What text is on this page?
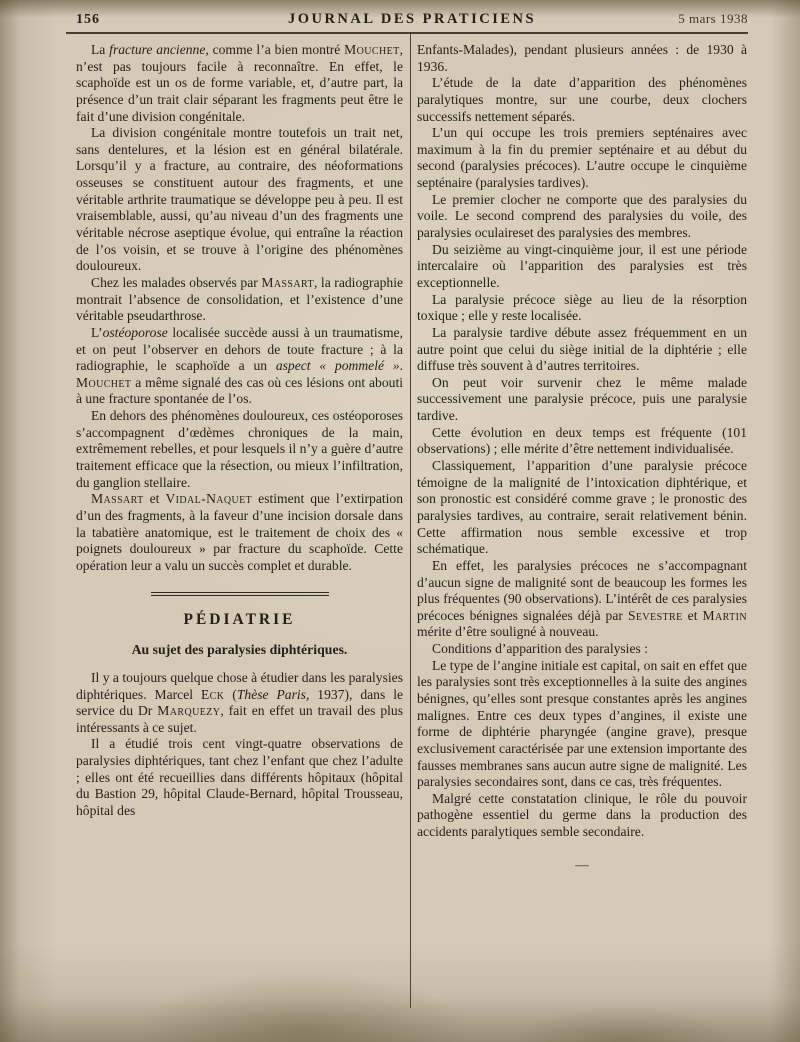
156	JOURNAL DES PRATICIENS	5 mars 1938

La fracture ancienne, comme l’a bien montré Mouchet, n’est pas toujours facile à reconnaître. En effet, le scaphoïde est un os de forme variable, et, d’autre part, la présence d’un trait clair séparant les fragments peut être le fait d’une division congénitale.

La division congénitale montre toutefois un trait net, sans dentelures, et la lésion est en général bilatérale. Lorsqu’il y a fracture, au contraire, des néoformations osseuses se constituent autour des fragments, et une véritable arthrite traumatique se développe peu à peu. Il est vraisemblable, aussi, qu’au niveau d’un des fragments une véritable nécrose aseptique évolue, qui entraîne la réaction de l’os voisin, et se trouve à l’origine des phénomènes douloureux.

Chez les malades observés par Massart, la radiographie montrait l’absence de consolidation, et l’existence d’une véritable pseudarthrose.

L’ostéoporose localisée succède aussi à un traumatisme, et on peut l’observer en dehors de toute fracture ; à la radiographie, le scaphoïde a un aspect « pommelé ». Mouchet a même signalé des cas où ces lésions ont abouti à une fracture spontanée de l’os.

En dehors des phénomènes douloureux, ces ostéoporoses s’accompagnent d’œdèmes chroniques de la main, extrêmement rebelles, et pour lesquels il n’y a guère d’autre traitement efficace que la résection, ou mieux l’infiltration, du ganglion stellaire.

Massart et Vidal-Naquet estiment que l’extirpation d’un des fragments, à la faveur d’une incision dorsale dans la tabatière anatomique, est le traitement de choix des « poignets douloureux » par fracture du scaphoïde. Cette opération leur a valu un succès complet et durable.

PÉDIATRIE
Au sujet des paralysies diphtériques.

Il y a toujours quelque chose à étudier dans les paralysies diphtériques. Marcel Eck (Thèse Paris, 1937), dans le service du Dr Marquezy, fait en effet un travail des plus intéressants à ce sujet.

Il a étudié trois cent vingt-quatre observations de paralysies diphtériques, tant chez l’enfant que chez l’adulte ; elles ont été recueillies dans différents hôpitaux (hôpital du Bastion 29, hôpital Claude-Bernard, hôpital Trousseau, hôpital des

Enfants-Malades), pendant plusieurs années : de 1930 à 1936.

L’étude de la date d’apparition des phénomènes paralytiques montre, sur une courbe, deux clochers successifs nettement séparés.

L’un qui occupe les trois premiers septénaires avec maximum à la fin du premier septénaire et au début du second (paralysies précoces). L’autre occupe le cinquième septénaire (paralysies tardives).

Le premier clocher ne comporte que des paralysies du voile. Le second comprend des paralysies du voile, des paralysies oculaireset des paralysies des membres.

Du seizième au vingt-cinquième jour, il est une période intercalaire où l’apparition des paralysies est très exceptionnelle.

La paralysie précoce siège au lieu de la résorption toxique ; elle y reste localisée.

La paralysie tardive débute assez fréquemment en un autre point que celui du siège initial de la diphtérie ; elle diffuse très souvent à d’autres territoires.

On peut voir survenir chez le même malade successivement une paralysie précoce, puis une paralysie tardive.

Cette évolution en deux temps est fréquente (101 observations) ; elle mérite d’être nettement individualisée.

Classiquement, l’apparition d’une paralysie précoce témoigne de la malignité de l’intoxication diphtérique, et son pronostic est considéré comme grave ; le pronostic des paralysies tardives, au contraire, serait relativement bénin. Cette affirmation nous semble excessive et trop schématique.

En effet, les paralysies précoces ne s’accompagnant d’aucun signe de malignité sont de beaucoup les formes les plus fréquentes (90 observations). L’intérêt de ces paralysies précoces bénignes signalées déjà par Sevestre et Martin mérite d’être souligné à nouveau.

Conditions d’apparition des paralysies :

Le type de l’angine initiale est capital, on sait en effet que les paralysies sont très exceptionnelles à la suite des angines bénignes, qu’elles sont presque constantes après les angines malignes. Entre ces deux types d’angines, il existe une forme de diphtérie pharyngée (angine grave), presque exclusivement caractérisée par une extension importante des fausses membranes sans aucun autre signe de malignité. Les paralysies secondaires sont, dans ce cas, très fréquentes.

Malgré cette constatation clinique, le rôle du pouvoir pathogène essentiel du germe dans la production des accidents paralytiques semble secondaire.

—
